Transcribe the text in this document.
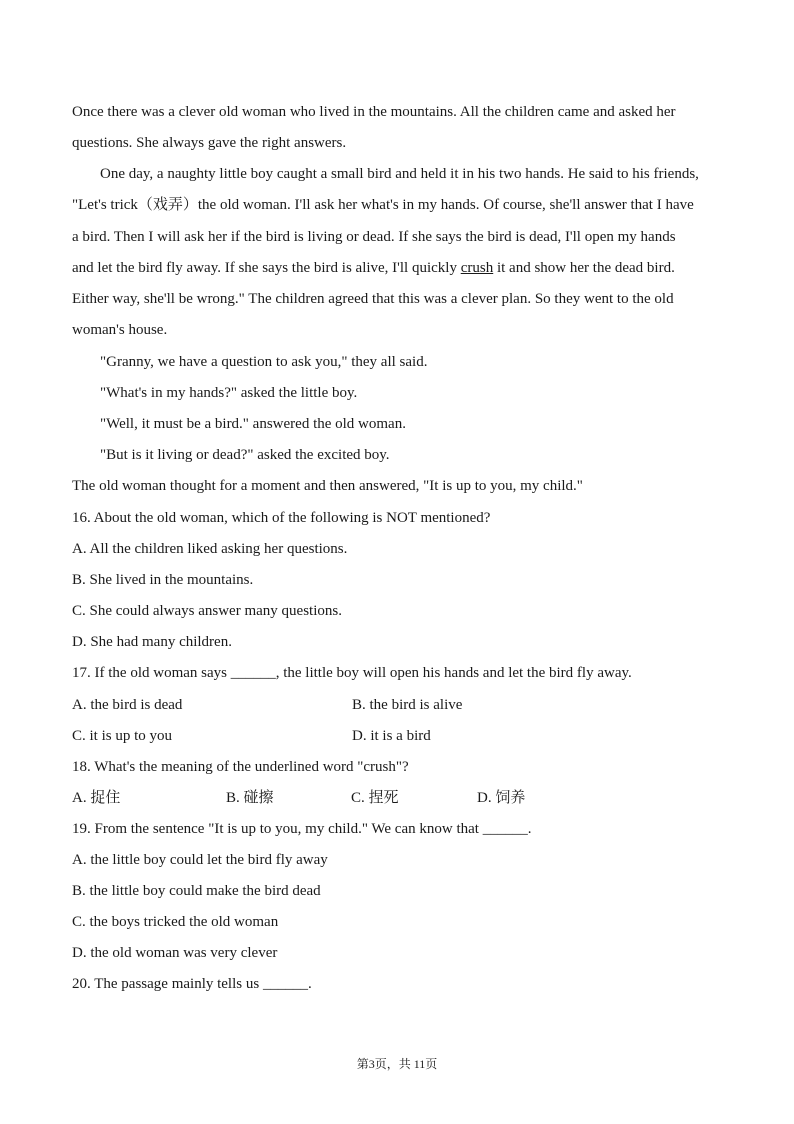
Once there was a clever old woman who lived in the mountains. All the children came and asked her
questions. She always gave the right answers.
One day, a naughty little boy caught a small bird and held it in his two hands. He said to his friends,
"Let's trick（戏弄）the old woman. I'll ask her what's in my hands. Of course, she'll answer that I have
a bird. Then I will ask her if the bird is living or dead. If she says the bird is dead, I'll open my hands
and let the bird fly away. If she says the bird is alive, I'll quickly crush it and show her the dead bird.
Either way, she'll be wrong." The children agreed that this was a clever plan. So they went to the old
woman's house.
"Granny, we have a question to ask you," they all said.
"What's in my hands?" asked the little boy.
"Well, it must be a bird." answered the old woman.
"But is it living or dead?" asked the excited boy.
The old woman thought for a moment and then answered, "It is up to you, my child."
16. About the old woman, which of the following is NOT mentioned?
A. All the children liked asking her questions.
B. She lived in the mountains.
C. She could always answer many questions.
D. She had many children.
17. If the old woman says ______, the little boy will open his hands and let the bird fly away.
A. the bird is dead	B. the bird is alive
C. it is up to you	D. it is a bird
18. What's the meaning of the underlined word "crush"?
A. 捉住	B. 碰擦	C. 捏死	D. 饲养
19. From the sentence "It is up to you, my child." We can know that ______.
A. the little boy could let the bird fly away
B. the little boy could make the bird dead
C. the boys tricked the old woman
D. the old woman was very clever
20. The passage mainly tells us ______.
第3页，共 11页
